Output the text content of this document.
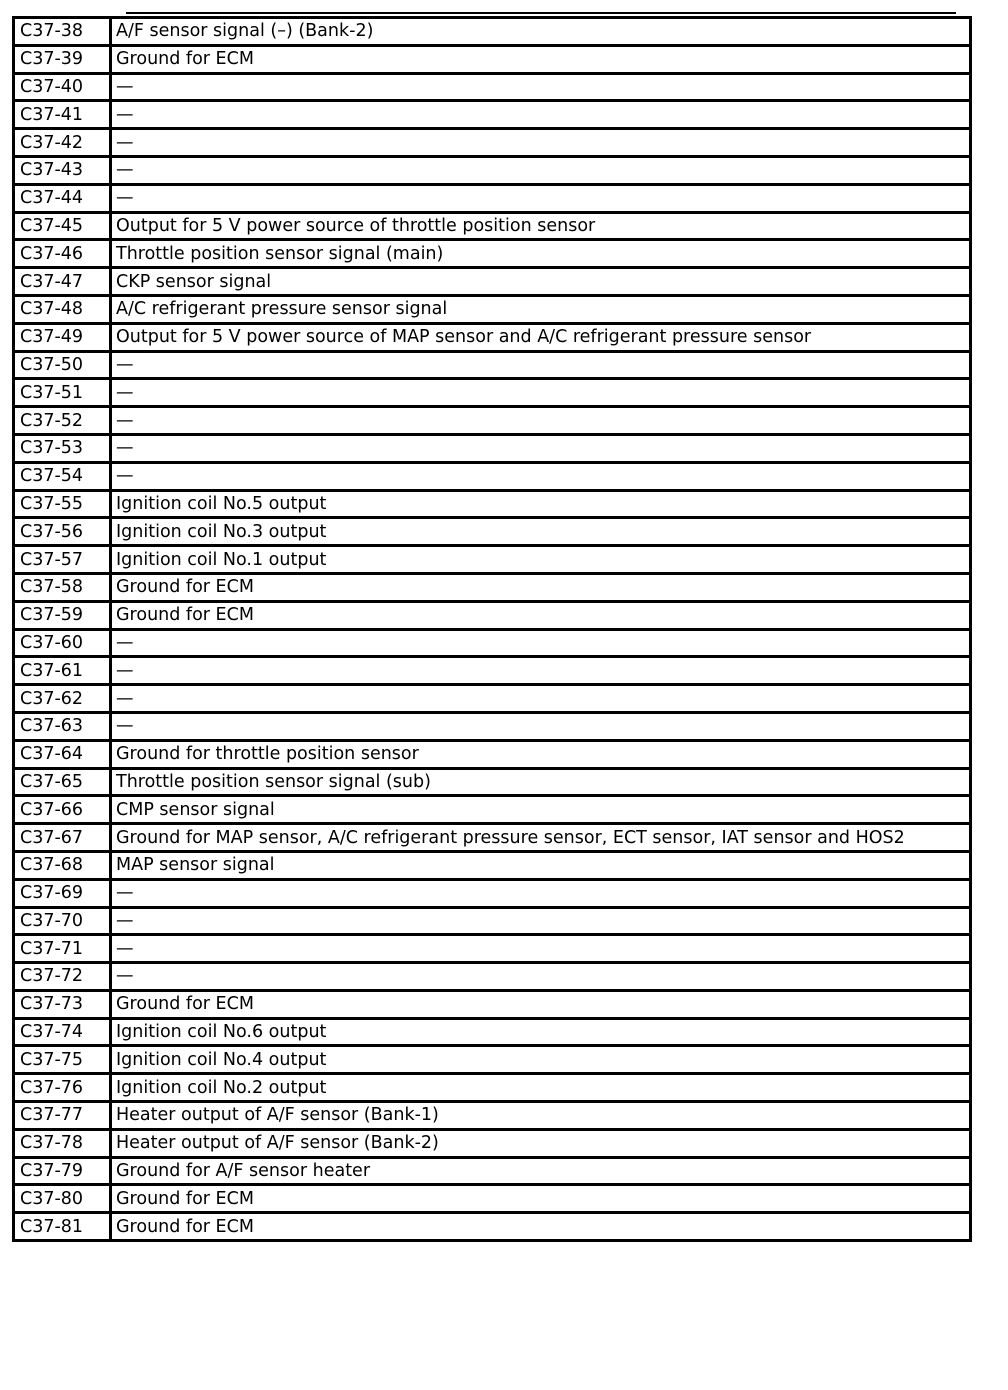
C37-38	A/F sensor signal (–) (Bank-2)
C37-39	Ground for ECM
C37-40	—
C37-41	—
C37-42	—
C37-43	—
C37-44	—
C37-45	Output for 5 V power source of throttle position sensor
C37-46	Throttle position sensor signal (main)
C37-47	CKP sensor signal
C37-48	A/C refrigerant pressure sensor signal
C37-49	Output for 5 V power source of MAP sensor and A/C refrigerant pressure sensor
C37-50	—
C37-51	—
C37-52	—
C37-53	—
C37-54	—
C37-55	Ignition coil No.5 output
C37-56	Ignition coil No.3 output
C37-57	Ignition coil No.1 output
C37-58	Ground for ECM
C37-59	Ground for ECM
C37-60	—
C37-61	—
C37-62	—
C37-63	—
C37-64	Ground for throttle position sensor
C37-65	Throttle position sensor signal (sub)
C37-66	CMP sensor signal
C37-67	Ground for MAP sensor, A/C refrigerant pressure sensor, ECT sensor, IAT sensor and HOS2
C37-68	MAP sensor signal
C37-69	—
C37-70	—
C37-71	—
C37-72	—
C37-73	Ground for ECM
C37-74	Ignition coil No.6 output
C37-75	Ignition coil No.4 output
C37-76	Ignition coil No.2 output
C37-77	Heater output of A/F sensor (Bank-1)
C37-78	Heater output of A/F sensor (Bank-2)
C37-79	Ground for A/F sensor heater
C37-80	Ground for ECM
C37-81	Ground for ECM
